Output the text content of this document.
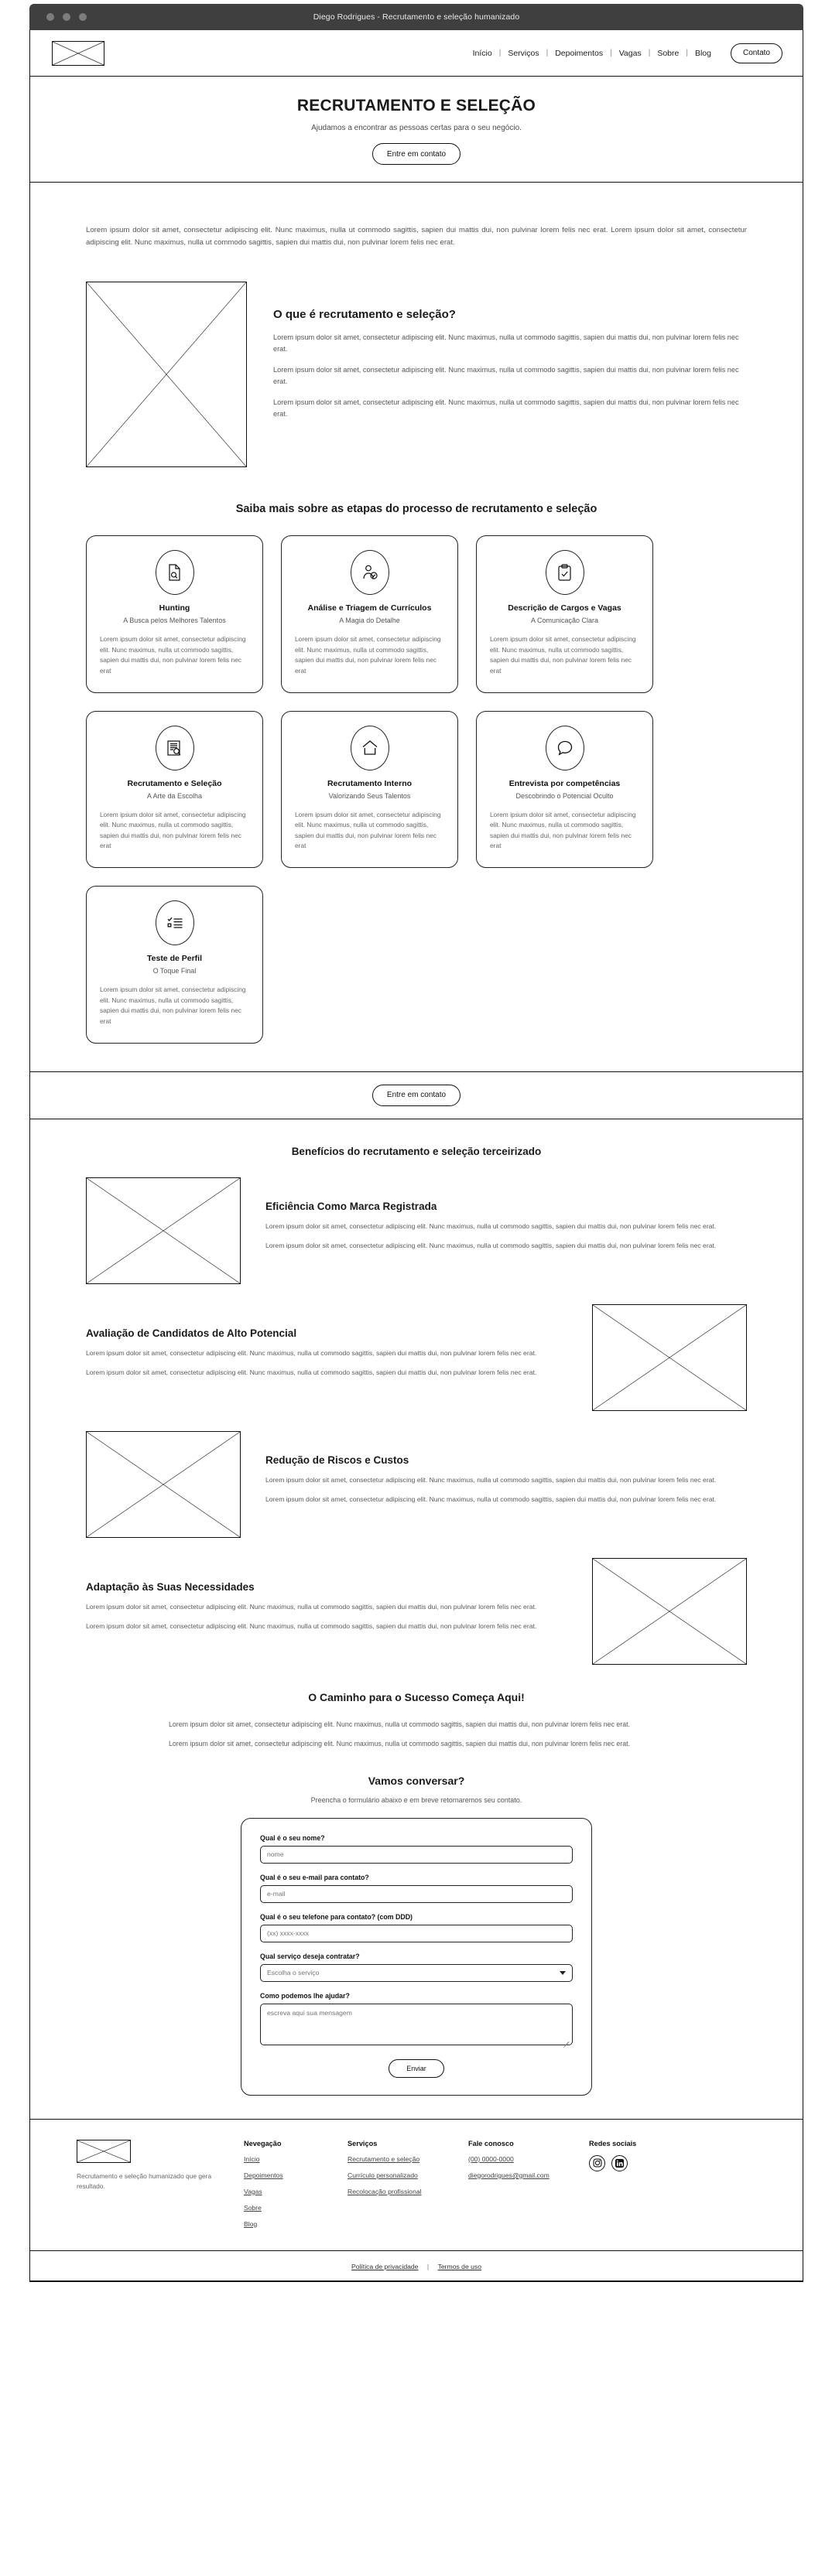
Diego Rodrigues - Recrutamento e seleção humanizado
Início | Serviços | Depoimentos | Vagas | Sobre | Blog	Contato
RECRUTAMENTO E SELEÇÃO

Ajudamos a encontrar as pessoas certas para o seu negócio.

Entre em contato

Lorem ipsum dolor sit amet, consectetur adipiscing elit. Nunc maximus, nulla ut commodo sagittis, sapien dui mattis dui, non pulvinar lorem felis nec erat. Lorem ipsum dolor sit amet, consectetur adipiscing elit. Nunc maximus, nulla ut commodo sagittis, sapien dui mattis dui, non pulvinar lorem felis nec erat.

O que é recrutamento e seleção?

Lorem ipsum dolor sit amet, consectetur adipiscing elit. Nunc maximus, nulla ut commodo sagittis, sapien dui mattis dui, non pulvinar lorem felis nec erat.

Lorem ipsum dolor sit amet, consectetur adipiscing elit. Nunc maximus, nulla ut commodo sagittis, sapien dui mattis dui, non pulvinar lorem felis nec erat.

Lorem ipsum dolor sit amet, consectetur adipiscing elit. Nunc maximus, nulla ut commodo sagittis, sapien dui mattis dui, non pulvinar lorem felis nec erat.

Saiba mais sobre as etapas do processo de recrutamento e seleção
Hunting

A Busca pelos Melhores Talentos

Lorem ipsum dolor sit amet, consectetur adipiscing elit. Nunc maximus, nulla ut commodo sagittis, sapien dui mattis dui, non pulvinar lorem felis nec erat

Análise e Triagem de Currículos

A Magia do Detalhe

Lorem ipsum dolor sit amet, consectetur adipiscing elit. Nunc maximus, nulla ut commodo sagittis, sapien dui mattis dui, non pulvinar lorem felis nec erat

Descrição de Cargos e Vagas

A Comunicação Clara

Lorem ipsum dolor sit amet, consectetur adipiscing elit. Nunc maximus, nulla ut commodo sagittis, sapien dui mattis dui, non pulvinar lorem felis nec erat

Recrutamento e Seleção

A Arte da Escolha

Lorem ipsum dolor sit amet, consectetur adipiscing elit. Nunc maximus, nulla ut commodo sagittis, sapien dui mattis dui, non pulvinar lorem felis nec erat

Recrutamento Interno

Valorizando Seus Talentos

Lorem ipsum dolor sit amet, consectetur adipiscing elit. Nunc maximus, nulla ut commodo sagittis, sapien dui mattis dui, non pulvinar lorem felis nec erat

Entrevista por competências

Descobrindo o Potencial Oculto

Lorem ipsum dolor sit amet, consectetur adipiscing elit. Nunc maximus, nulla ut commodo sagittis, sapien dui mattis dui, non pulvinar lorem felis nec erat

Teste de Perfil

O Toque Final

Lorem ipsum dolor sit amet, consectetur adipiscing elit. Nunc maximus, nulla ut commodo sagittis, sapien dui mattis dui, non pulvinar lorem felis nec erat

Entre em contato
Benefícios do recrutamento e seleção terceirizado
Eficiência Como Marca Registrada

Lorem ipsum dolor sit amet, consectetur adipiscing elit. Nunc maximus, nulla ut commodo sagittis, sapien dui mattis dui, non pulvinar lorem felis nec erat.

Lorem ipsum dolor sit amet, consectetur adipiscing elit. Nunc maximus, nulla ut commodo sagittis, sapien dui mattis dui, non pulvinar lorem felis nec erat.

Avaliação de Candidatos de Alto Potencial

Lorem ipsum dolor sit amet, consectetur adipiscing elit. Nunc maximus, nulla ut commodo sagittis, sapien dui mattis dui, non pulvinar lorem felis nec erat.

Lorem ipsum dolor sit amet, consectetur adipiscing elit. Nunc maximus, nulla ut commodo sagittis, sapien dui mattis dui, non pulvinar lorem felis nec erat.

Redução de Riscos e Custos

Lorem ipsum dolor sit amet, consectetur adipiscing elit. Nunc maximus, nulla ut commodo sagittis, sapien dui mattis dui, non pulvinar lorem felis nec erat.

Lorem ipsum dolor sit amet, consectetur adipiscing elit. Nunc maximus, nulla ut commodo sagittis, sapien dui mattis dui, non pulvinar lorem felis nec erat.

Adaptação às Suas Necessidades

Lorem ipsum dolor sit amet, consectetur adipiscing elit. Nunc maximus, nulla ut commodo sagittis, sapien dui mattis dui, non pulvinar lorem felis nec erat.

Lorem ipsum dolor sit amet, consectetur adipiscing elit. Nunc maximus, nulla ut commodo sagittis, sapien dui mattis dui, non pulvinar lorem felis nec erat.

O Caminho para o Sucesso Começa Aqui!

Lorem ipsum dolor sit amet, consectetur adipiscing elit. Nunc maximus, nulla ut commodo sagittis, sapien dui mattis dui, non pulvinar lorem felis nec erat.

Lorem ipsum dolor sit amet, consectetur adipiscing elit. Nunc maximus, nulla ut commodo sagittis, sapien dui mattis dui, non pulvinar lorem felis nec erat.

Vamos conversar?

Preencha o formulário abaixo e em breve retornaremos seu contato.

Qual é o seu nome?
nome
Qual é o seu e-mail para contato?
e-mail
Qual é o seu telefone para contato? (com DDD)
(xx) xxxx-xxxx
Qual serviço deseja contratar?
Escolha o serviço
Como podemos lhe ajudar?
escreva aqui sua mensagem
Enviar

Recrutamento e seleção humanizado que gera resultado.

Nevegação
Início
Depoimentos
Vagas
Sobre
Blog
Serviços
Recrutamento e seleção
Currículo personalizado
Recolocação profissional
Fale conosco
(00) 0000-0000
diegorodrigues@gmail.com
Redes sociais
Política de privacidade | Termos de uso
